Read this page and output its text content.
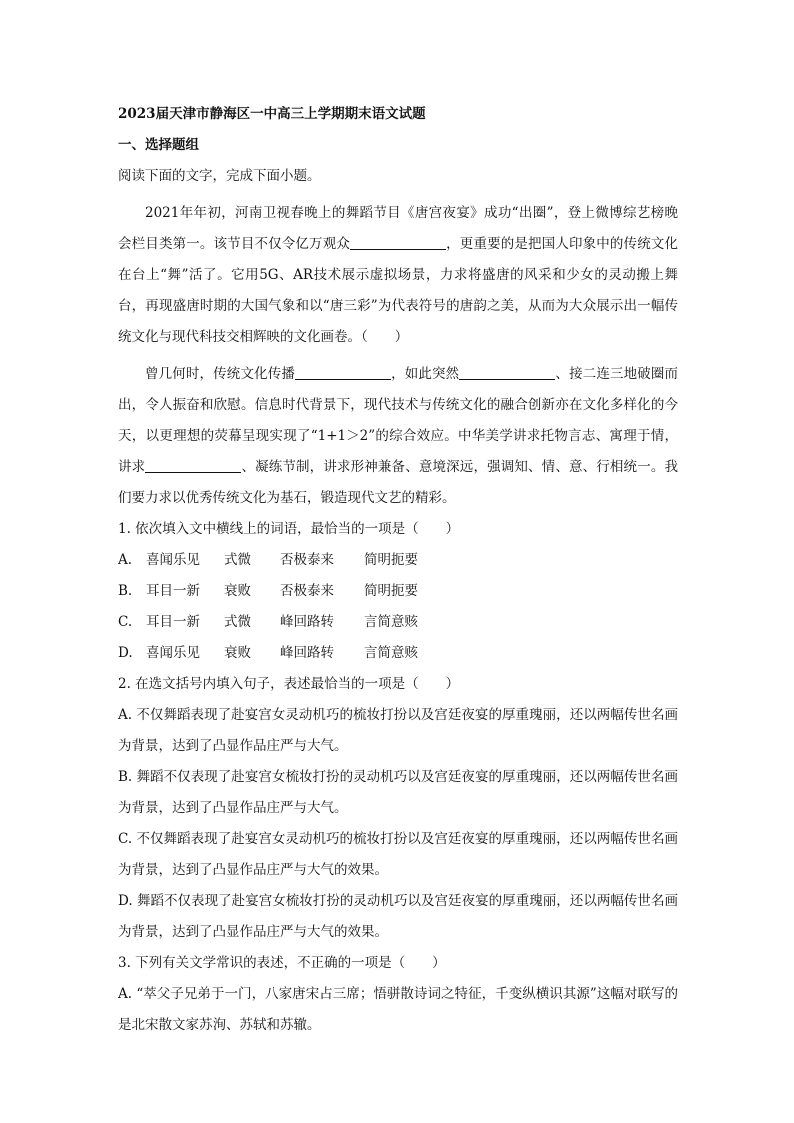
2023届天津市静海区一中高三上学期期末语文试题
一、选择题组
阅读下面的文字，完成下面小题。

2021年年初，河南卫视春晚上的舞蹈节目《唐宫夜宴》成功“出圈”，登上微博综艺榜晚会栏目类第一。该节目不仅令亿万观众	，更重要的是把国人印象中的传统文化在台上“舞”活了。它用5G、AR技术展示虚拟场景，力求将盛唐的风采和少女的灵动搬上舞台，再现盛唐时期的大国气象和以“唐三彩”为代表符号的唐韵之美，从而为大众展示出一幅传统文化与现代科技交相辉映的文化画卷。（　　）

曾几何时，传统文化传播	，如此突然	、接二连三地破圈而出，令人振奋和欣慰。信息时代背景下，现代技术与传统文化的融合创新亦在文化多样化的今天，以更理想的荧幕呈现实现了“1+1＞2”的综合效应。中华美学讲求托物言志、寓理于情，讲求	、凝练节制，讲求形神兼备、意境深远，强调知、情、意、行相统一。我们要力求以优秀传统文化为基石，锻造现代文艺的精彩。

1. 依次填入文中横线上的词语，最恰当的一项是（　　）

A. 喜闻乐见 式微 否极泰来 简明扼要
B. 耳目一新 衰败 否极泰来 简明扼要
C. 耳目一新 式微 峰回路转 言简意赅
D. 喜闻乐见 衰败 峰回路转 言简意赅

2. 在选文括号内填入句子，表述最恰当的一项是（　　）

A. 不仅舞蹈表现了赴宴宫女灵动机巧的梳妆打扮以及宫廷夜宴的厚重瑰丽，还以两幅传世名画为背景，达到了凸显作品庄严与大气。

B. 舞蹈不仅表现了赴宴宫女梳妆打扮的灵动机巧以及宫廷夜宴的厚重瑰丽，还以两幅传世名画为背景，达到了凸显作品庄严与大气。

C. 不仅舞蹈表现了赴宴宫女灵动机巧的梳妆打扮以及宫廷夜宴的厚重瑰丽，还以两幅传世名画为背景，达到了凸显作品庄严与大气的效果。

D. 舞蹈不仅表现了赴宴宫女梳妆打扮的灵动机巧以及宫廷夜宴的厚重瑰丽，还以两幅传世名画为背景，达到了凸显作品庄严与大气的效果。

3. 下列有关文学常识的表述，不正确的一项是（　　）

A. “萃父子兄弟于一门，八家唐宋占三席；悟骈散诗词之特征，千变纵横识其源”这幅对联写的是北宋散文家苏洵、苏轼和苏辙。
